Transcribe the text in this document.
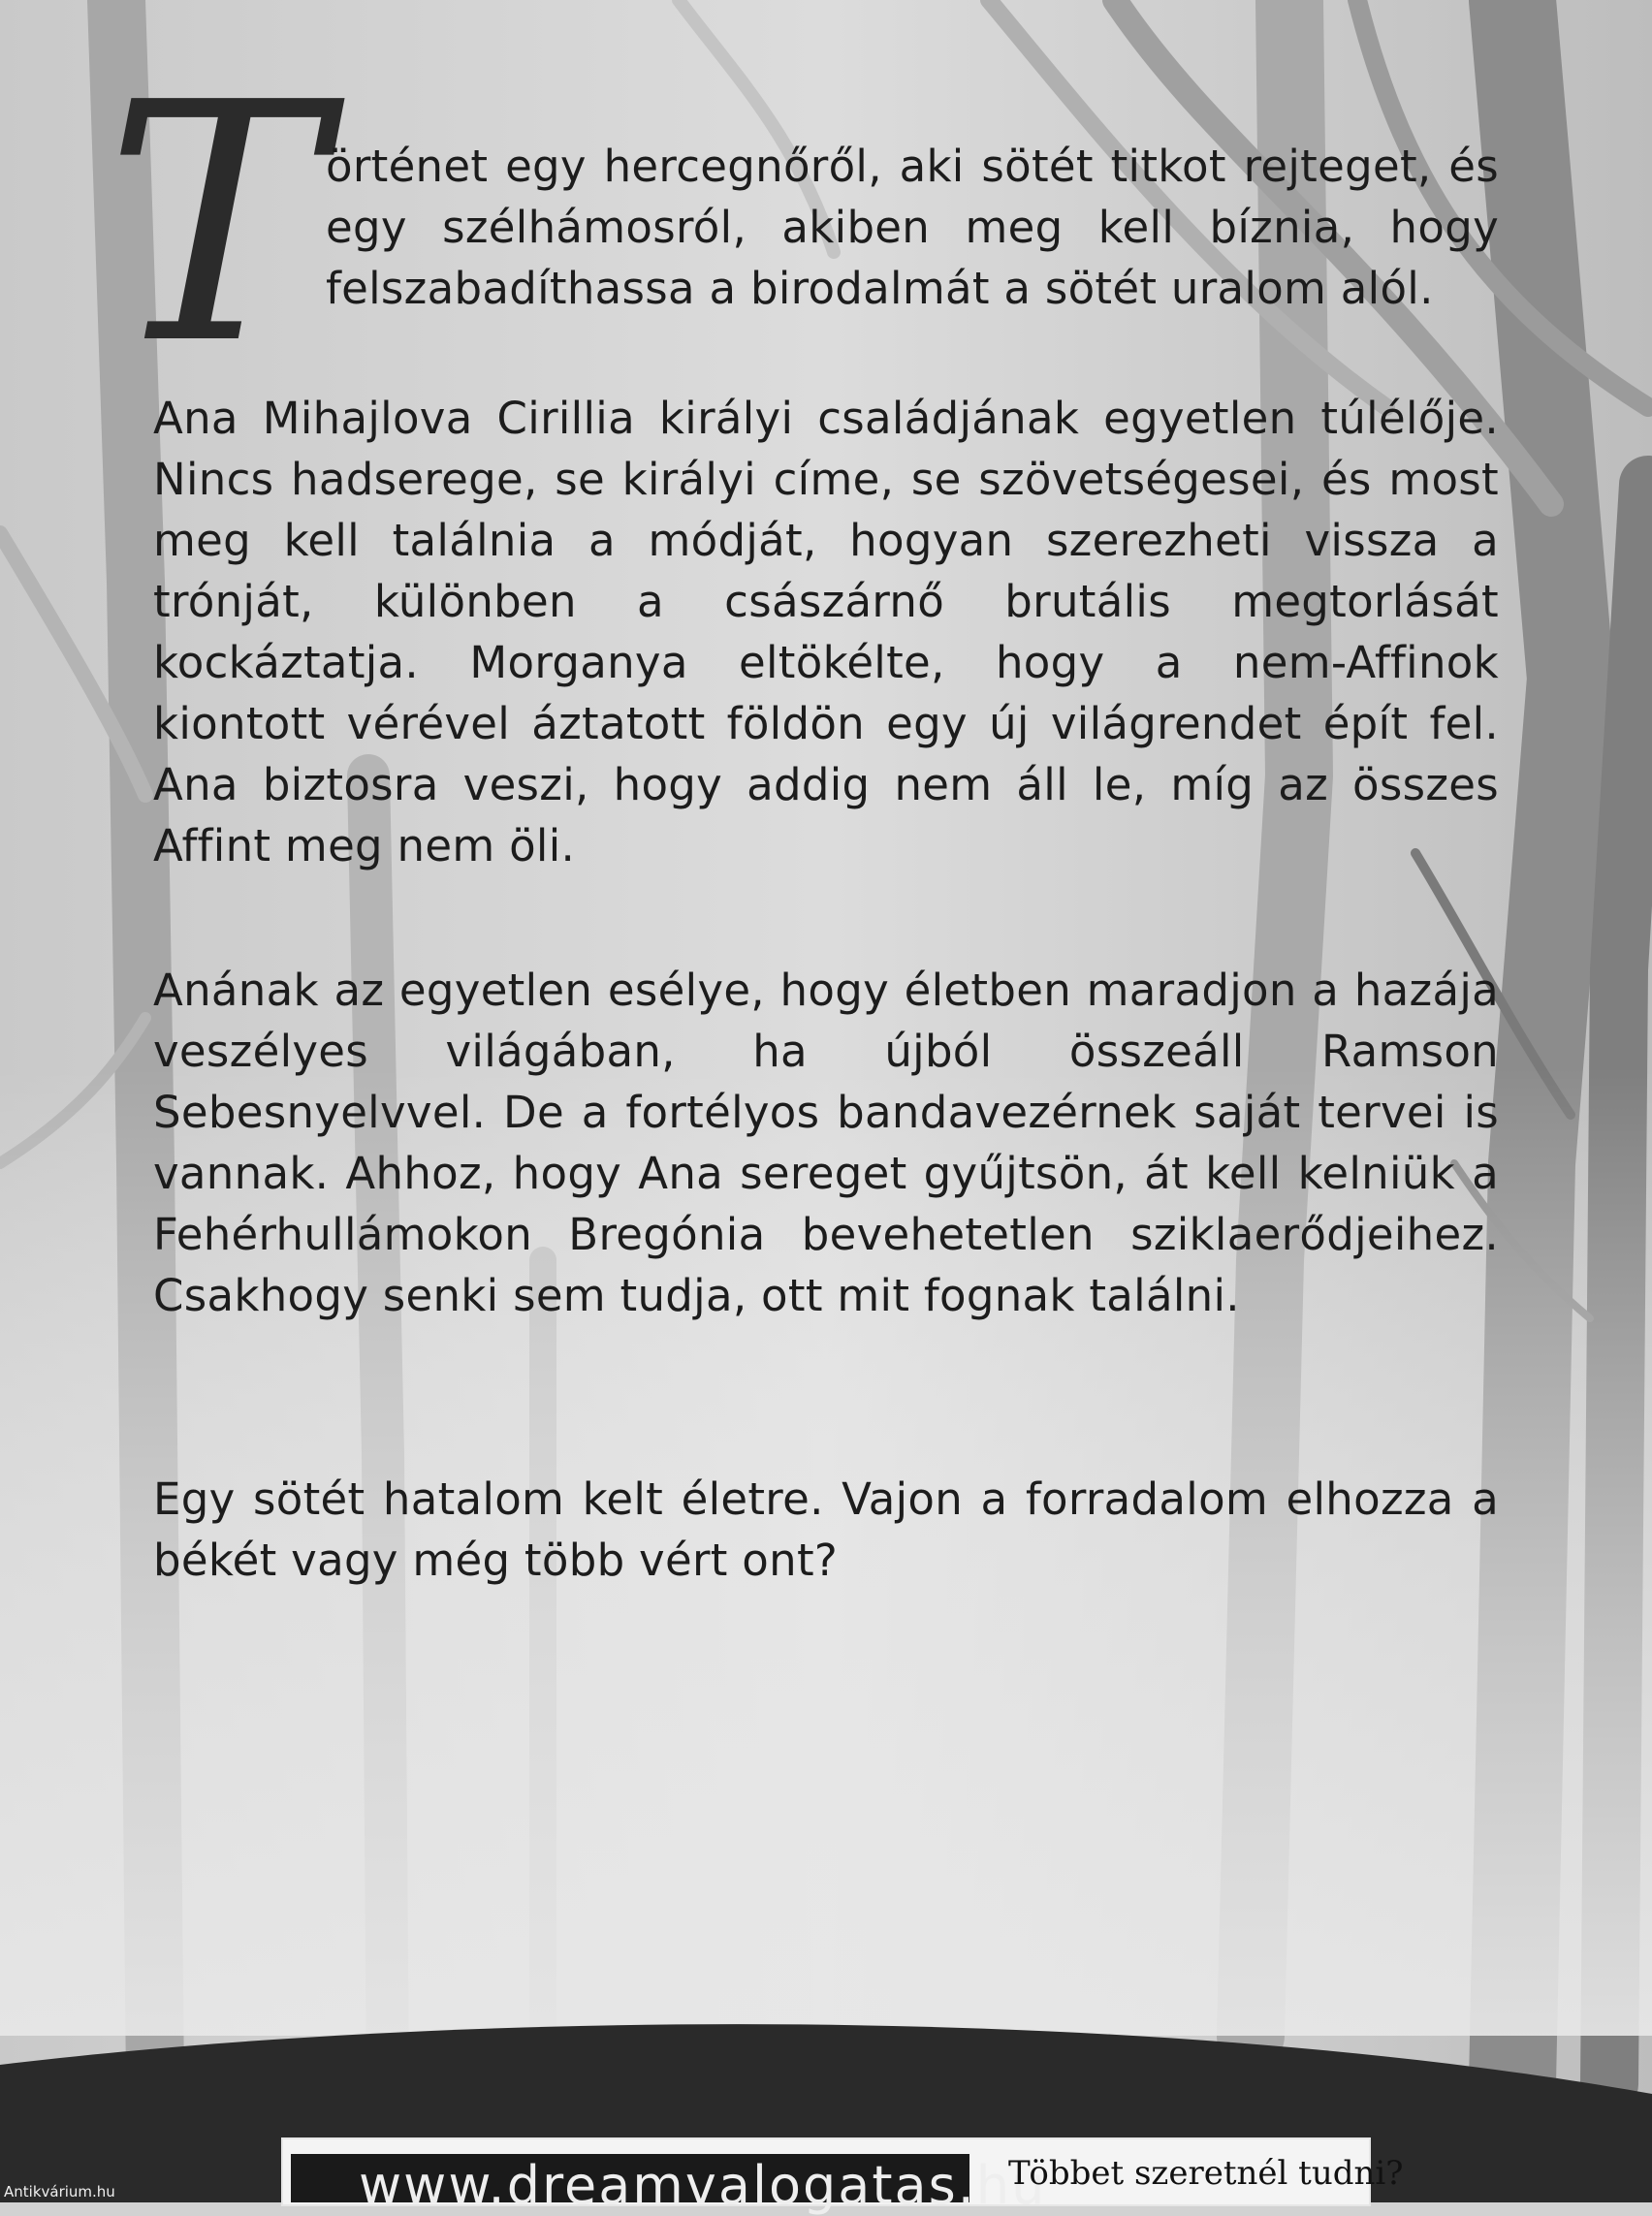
T örténet egy hercegnőről, aki sötét titkot rejteget, és egy szélhámosról, akiben meg kell bíznia, hogy felszabadíthassa a birodalmát a sötét uralom alól.

Ana Mihajlova Cirillia királyi családjának egyetlen túlélője. Nincs hadserege, se királyi címe, se szövetségesei, és most meg kell találnia a módját, hogyan szerezheti vissza a trónját, különben a császárnő brutális megtorlását kockáztatja. Morganya eltökélte, hogy a nem-Affinok kiontott vérével áztatott földön egy új világrendet épít fel. Ana biztosra veszi, hogy addig nem áll le, míg az összes Affint meg nem öli.

Anának az egyetlen esélye, hogy életben maradjon a hazája veszélyes világában, ha újból összeáll Ramson Sebesnyelvvel. De a fortélyos bandavezérnek saját tervei is vannak. Ahhoz, hogy Ana sereget gyűjtsön, át kell kelniük a Fehérhullámokon Bregónia bevehetetlen sziklaerődjeihez. Csakhogy senki sem tudja, ott mit fognak találni.

Egy sötét hatalom kelt életre. Vajon a forradalom elhozza a békét vagy még több vért ont?

www.dreamvalogatas.hu
Többet szeretnél tudni?
Antikvárium.hu
